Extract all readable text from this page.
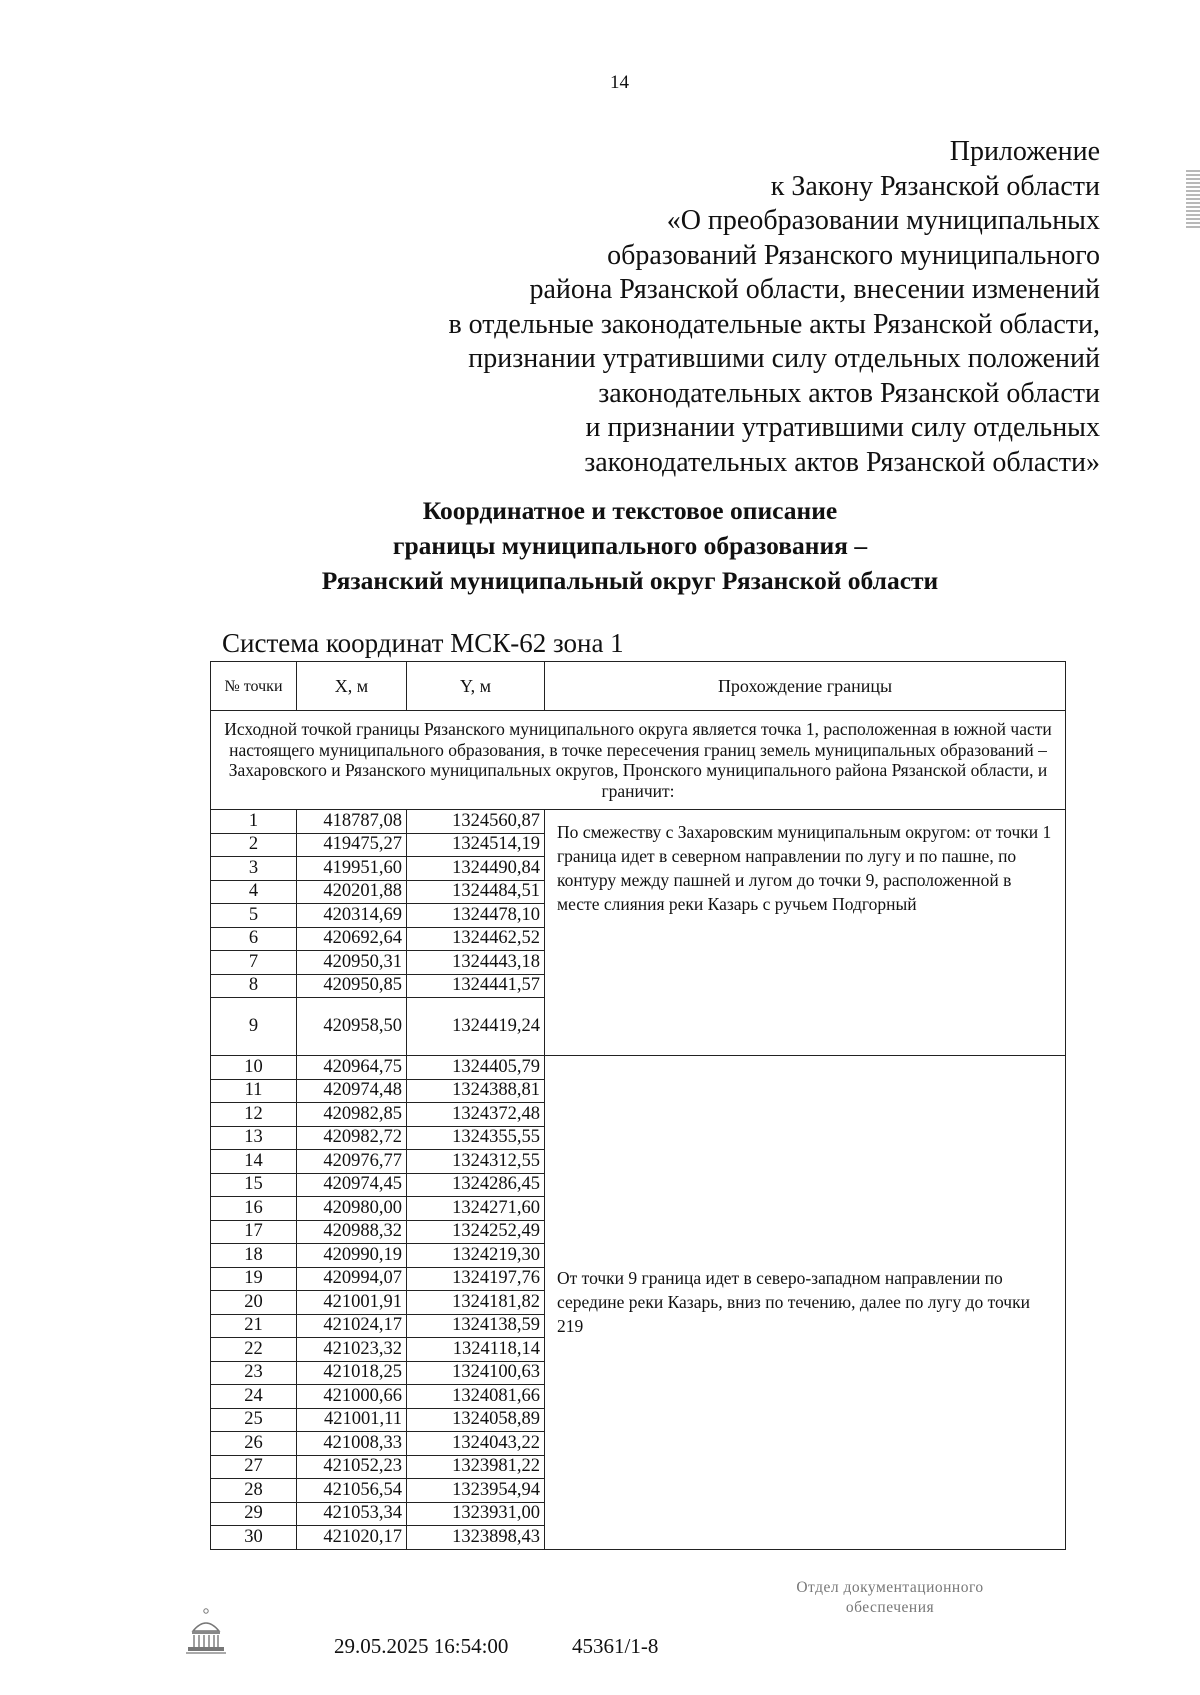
14
Приложение
к Закону Рязанской области
«О преобразовании муниципальных
образований Рязанского муниципального
района Рязанской области, внесении изменений
в отдельные законодательные акты Рязанской области,
признании утратившими силу отдельных положений
законодательных актов Рязанской области
и признании утратившими силу отдельных
законодательных актов Рязанской области»
Координатное и текстовое описание
границы муниципального образования –
Рязанский муниципальный округ Рязанской области
Система координат МСК-62 зона 1
№ точки	X, м	Y, м	Прохождение границы
Исходной точкой границы Рязанского муниципального округа является точка 1, расположенная в южной части настоящего муниципального образования, в точке пересечения границ земель муниципальных образований – Захаровского и Рязанского муниципальных округов, Пронского муниципального района Рязанской области, и граничит:			
1	418787,08	1324560,87	По смежеству с Захаровским муниципальным округом: от точки 1 граница идет в северном направлении по лугу и по пашне, по контуру между пашней и лугом до точки 9, расположенной в месте слияния реки Казарь с ручьем Подгорный
2	419475,27	1324514,19	
3	419951,60	1324490,84	
4	420201,88	1324484,51	
5	420314,69	1324478,10	
6	420692,64	1324462,52	
7	420950,31	1324443,18	
8	420950,85	1324441,57	
9	420958,50	1324419,24	
10	420964,75	1324405,79	От точки 9 граница идет в северо-западном направлении по середине реки Казарь, вниз по течению, далее по лугу до точки 219
11	420974,48	1324388,81	
12	420982,85	1324372,48	
13	420982,72	1324355,55	
14	420976,77	1324312,55	
15	420974,45	1324286,45	
16	420980,00	1324271,60	
17	420988,32	1324252,49	
18	420990,19	1324219,30	
19	420994,07	1324197,76	
20	421001,91	1324181,82	
21	421024,17	1324138,59	
22	421023,32	1324118,14	
23	421018,25	1324100,63	
24	421000,66	1324081,66	
25	421001,11	1324058,89	
26	421008,33	1324043,22	
27	421052,23	1323981,22	
28	421056,54	1323954,94	
29	421053,34	1323931,00	
30	421020,17	1323898,43	
29.05.2025 16:54:00	45361/1-8
Отдел документационного
обеспечения
